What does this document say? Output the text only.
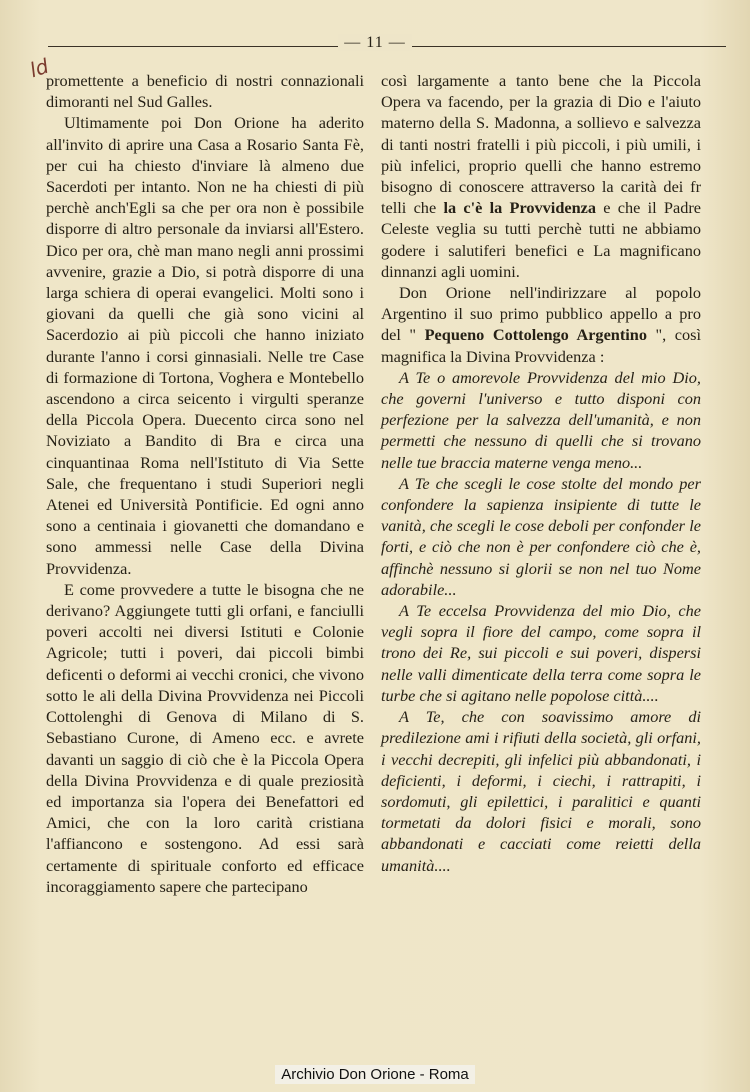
— 11 —
ld

promettente a beneficio di nostri connazionali dimoranti nel Sud Galles.

Ultimamente poi Don Orione ha aderito all'invito di aprire una Casa a Rosario Santa Fè, per cui ha chiesto d'inviare là almeno due Sacerdoti per intanto. Non ne ha chiesti di più perchè anch'Egli sa che per ora non è possibile disporre di altro personale da inviarsi all'Estero. Dico per ora, chè man mano negli anni prossimi avvenire, grazie a Dio, si potrà disporre di una larga schiera di operai evangelici. Molti sono i giovani da quelli che già sono vicini al Sacerdozio ai più piccoli che hanno iniziato durante l'anno i corsi ginnasiali. Nelle tre Case di formazione di Tortona, Voghera e Montebello ascendono a circa seicento i virgulti speranze della Piccola Opera. Duecento circa sono nel Noviziato a Bandito di Bra e circa una cinquantinaa Roma nell'Istituto di Via Sette Sale, che frequentano i studi Superiori negli Atenei ed Università Pontificie. Ed ogni anno sono a centinaia i giovanetti che domandano e sono ammessi nelle Case della Divina Provvidenza.

E come provvedere a tutte le bisogna che ne derivano? Aggiungete tutti gli orfani, e fanciulli poveri accolti nei diversi Istituti e Colonie Agricole; tutti i poveri, dai piccoli bimbi deficenti o deformi ai vecchi cronici, che vivono sotto le ali della Divina Provvidenza nei Piccoli Cottolenghi di Genova di Milano di S. Sebastiano Curone, di Ameno ecc. e avrete davanti un saggio di ciò che è la Piccola Opera della Divina Provvidenza e di quale preziosità ed importanza sia l'opera dei Benefattori ed Amici, che con la loro carità cristiana l'affiancono e sostengono. Ad essi sarà certamente di spirituale conforto ed efficace incoraggiamento sapere che partecipano

così largamente a tanto bene che la Piccola Opera va facendo, per la grazia di Dio e l'aiuto materno della S. Madonna, a sollievo e salvezza di tanti nostri fratelli i più piccoli, i più umili, i più infelici, proprio quelli che hanno estremo bisogno di conoscere attraverso la carità dei fr telli che la c'è la Provvidenza e che il Padre Celeste veglia su tutti perchè tutti ne abbiamo godere i salutiferi benefici e La magnificano dinnanzi agli uomini.

Don Orione nell'indirizzare al popolo Argentino il suo primo pubblico appello a pro del " Pequeno Cottolengo Argentino ", così magnifica la Divina Provvidenza :

A Te o amorevole Provvidenza del mio Dio, che governi l'universo e tutto disponi con perfezione per la salvezza dell'umanità, e non permetti che nessuno di quelli che si trovano nelle tue braccia materne venga meno...

A Te che scegli le cose stolte del mondo per confondere la sapienza insipiente di tutte le vanità, che scegli le cose deboli per confonder le forti, e ciò che non è per confondere ciò che è, affinchè nessuno si glorii se non nel tuo Nome adorabile...

A Te eccelsa Provvidenza del mio Dio, che vegli sopra il fiore del campo, come sopra il trono dei Re, sui piccoli e sui poveri, dispersi nelle valli dimenticate della terra come sopra le turbe che si agitano nelle popolose città....

A Te, che con soavissimo amore di predilezione ami i rifiuti della società, gli orfani, i vecchi decrepiti, gli infelici più abbandonati, i deficienti, i deformi, i ciechi, i rattrapiti, i sordomuti, gli epilettici, i paralitici e quanti tormetati da dolori fisici e morali, sono abbandonati e cacciati come reietti della umanità....

Archivio Don Orione - Roma
